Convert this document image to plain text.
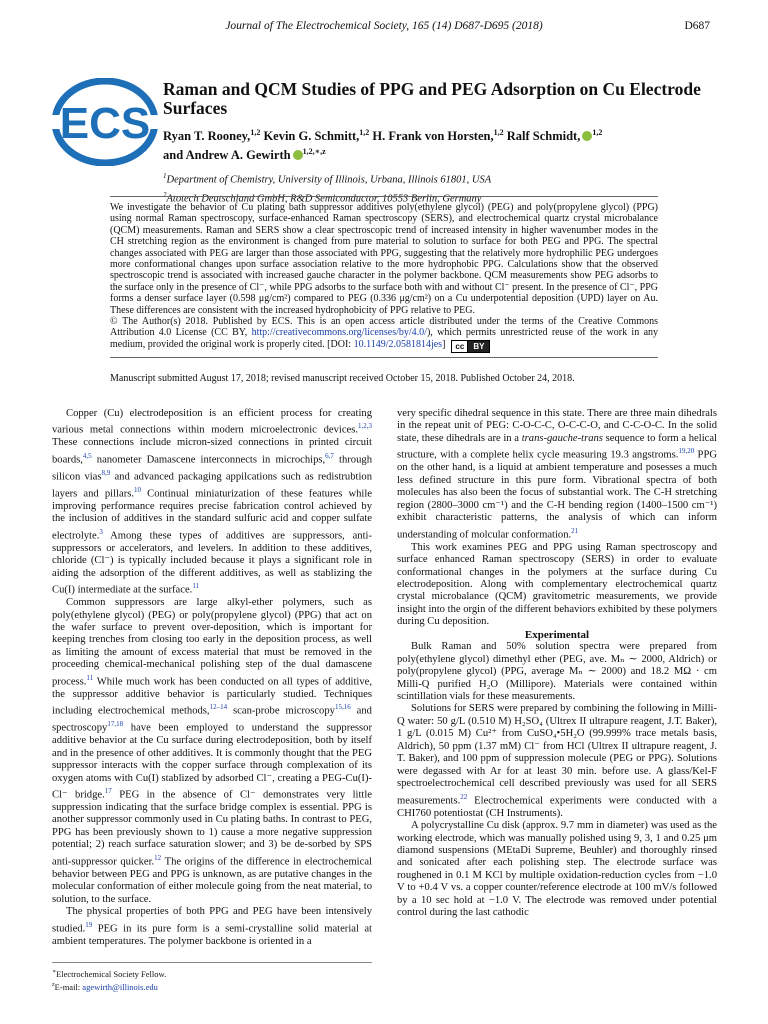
Journal of The Electrochemical Society, 165 (14) D687-D695 (2018)	D687
ECS
Raman and QCM Studies of PPG and PEG Adsorption on Cu Electrode Surfaces
Ryan T. Rooney,$^{1,2}$ Kevin G. Schmitt,$^{1,2}$ H. Frank von Horsten,$^{1,2}$ Ralf Schmidt, $^{1,2}$
and Andrew A. Gewirth $^{1,2,∗,z}$
$^1$Department of Chemistry, University of Illinois, Urbana, Illinois 61801, USA
$^2$Atotech Deutschland GmbH, R&D Semiconductor, 10553 Berlin, Germany

We investigate the behavior of Cu plating bath suppressor additives poly(ethylene glycol) (PEG) and poly(propylene glycol) (PPG) using normal Raman spectroscopy, surface-enhanced Raman spectroscopy (SERS), and electrochemical quartz crystal microbalance (QCM) measurements. Raman and SERS show a clear spectroscopic trend of increased intensity in higher wavenumber modes in the CH stretching region as the environment is changed from pure material to solution to surface for both PEG and PPG. The spectral changes associated with PEG are larger than those associated with PPG, suggesting that the relatively more hydrophilic PEG undergoes more conformational changes upon surface association relative to the more hydrophobic PPG. Calculations show that the observed spectroscopic trend is associated with increased gauche character in the polymer backbone. QCM measurements show PEG adsorbs to the surface only in the presence of Cl⁻, while PPG adsorbs to the surface both with and without Cl⁻ present. In the presence of Cl⁻, PPG forms a denser surface layer (0.598 μg/cm²) compared to PEG (0.336 μg/cm²) on a Cu underpotential deposition (UPD) layer on Au. These differences are consistent with the increased hydrophobicity of PPG relative to PEG.

© The Author(s) 2018. Published by ECS. This is an open access article distributed under the terms of the Creative Commons Attribution 4.0 License (CC BY, http://creativecommons.org/licenses/by/4.0/), which permits unrestricted reuse of the work in any medium, provided the original work is properly cited. [DOI: 10.1149/2.0581814jes]	cc	BY

Manuscript submitted August 17, 2018; revised manuscript received October 15, 2018. Published October 24, 2018.

Copper (Cu) electrodeposition is an efficient process for creating various metal connections within modern microelectronic devices.$^{1,2,3}$ These connections include micron-sized connections in printed circuit boards,$^{4,5}$ nanometer Damascene interconnects in microchips,$^{6,7}$ through silicon vias$^{8,9}$ and advanced packaging appilcations such as redistrubtion layers and pillars.$^{10}$ Continual miniaturization of these features while improving performance requires precise fabrication control achieved by the inclusion of additives in the standard sulfuric acid and copper sulfate electrolyte.$^3$ Among these types of additives are suppressors, anti-suppressors or accelerators, and levelers. In addition to these additives, chloride (Cl⁻) is typically included because it plays a significant role in aiding the adsorption of the different additives, as well as stablizing the Cu(I) intermediate at the surface.$^{11}$

Common suppressors are large alkyl-ether polymers, such as poly(ethylene glycol) (PEG) or poly(propylene glycol) (PPG) that act on the wafer surface to prevent over-deposition, which is important for keeping trenches from closing too early in the deposition process, as well as limiting the amount of excess material that must be removed in the proceeding chemical-mechanical polishing step of the dual damascene process.$^{11}$ While much work has been conducted on all types of additive, the suppressor additive behavior is particularly studied. Techniques including electrochemical methods,$^{12-14}$ scan-probe microscopy$^{15,16}$ and spectroscopy$^{17,18}$ have been employed to understand the suppressor additive behavior at the Cu surface during electrodeposition, both by itself and in the presence of other additives. It is commonly thought that the PEG suppressor interacts with the copper surface through complexation of its oxygen atoms with Cu(I) stablized by adsorbed Cl⁻, creating a PEG-Cu(I)-Cl⁻ bridge.$^{17}$ PEG in the absence of Cl⁻ demonstrates very little suppression indicating that the surface bridge complex is essential. PPG is another suppressor commonly used in Cu plating baths. In contrast to PEG, PPG has been previously shown to 1) cause a more negative suppression potential; 2) reach surface saturation slower; and 3) be de-sorbed by SPS anti-suppressor quicker.$^{12}$ The origins of the difference in electrochemical behavior between PEG and PPG is unknown, as are putative changes in the molecular conformation of either molecule going from the neat material, to solution, to the surface.

The physical properties of both PPG and PEG have been intensively studied.$^{19}$ PEG in its pure form is a semi-crystalline solid material at ambient temperatures. The polymer backbone is oriented in a

∗Electrochemical Society Fellow.
$^z$E-mail: agewirth@illinois.edu

very specific dihedral sequence in this state. There are three main dihedrals in the repeat unit of PEG: C-O-C-C, O-C-C-O, and C-C-O-C. In the solid state, these dihedrals are in a trans-gauche-trans sequence to form a helical structure, with a complete helix cycle measuring 19.3 angstroms.$^{19,20}$ PPG on the other hand, is a liquid at ambient temperature and posesses a much less defined structure in this pure form. Vibrational spectra of both molecules has also been the focus of substantial work. The C-H stretching region (2800–3000 cm⁻¹) and the C-H bending region (1400–1500 cm⁻¹) exhibit characteristic patterns, the analysis of which can inform understanding of molcular conformation.$^{21}$

This work examines PEG and PPG using Raman spectroscopy and surface enhanced Raman spectroscopy (SERS) in order to evaluate conformational changes in the polymers at the surface during Cu electrodeposition. Along with complementary electrochemical quartz crystal microbalance (QCM) gravitometric measurements, we provide insight into the orgin of the different behaviors exhibited by these polymers during Cu deposition.

Experimental

Bulk Raman and 50% solution spectra were prepared from poly(ethylene glycol) dimethyl ether (PEG, ave. Mₙ ∼ 2000, Aldrich) or poly(propylene glycol) (PPG, average Mₙ ∼ 2000) and 18.2 MΩ · cm Milli-Q purified H₂O (Millipore). Materials were contained within scintillation vials for these measurements.

Solutions for SERS were prepared by combining the following in Milli-Q water: 50 g/L (0.510 M) H₂SO₄ (Ultrex II ultrapure reagent, J.T. Baker), 1 g/L (0.015 M) Cu²⁺ from CuSO₄•5H₂O (99.999% trace metals basis, Aldrich), 50 ppm (1.37 mM) Cl⁻ from HCl (Ultrex II ultrapure reagent, J. T. Baker), and 100 ppm of suppression molecule (PEG or PPG). Solutions were degassed with Ar for at least 30 min. before use. A glass/Kel-F spectroelectrochemical cell described previously was used for all SERS measurements.$^{22}$ Electrochemical experiments were conducted with a CHI760 potentiostat (CH Instruments).

A polycrystalline Cu disk (approx. 9.7 mm in diameter) was used as the working electrode, which was manually polished using 9, 3, 1 and 0.25 μm diamond suspensions (MEtaDi Supreme, Beuhler) and thoroughly rinsed and sonicated after each polishing step. The electrode surface was roughened in 0.1 M KCl by multiple oxidation-reduction cycles from −1.0 V to +0.4 V vs. a copper counter/reference electrode at 100 mV/s followed by a 10 sec hold at −1.0 V. The electrode was removed under potential control during the last cathodic
